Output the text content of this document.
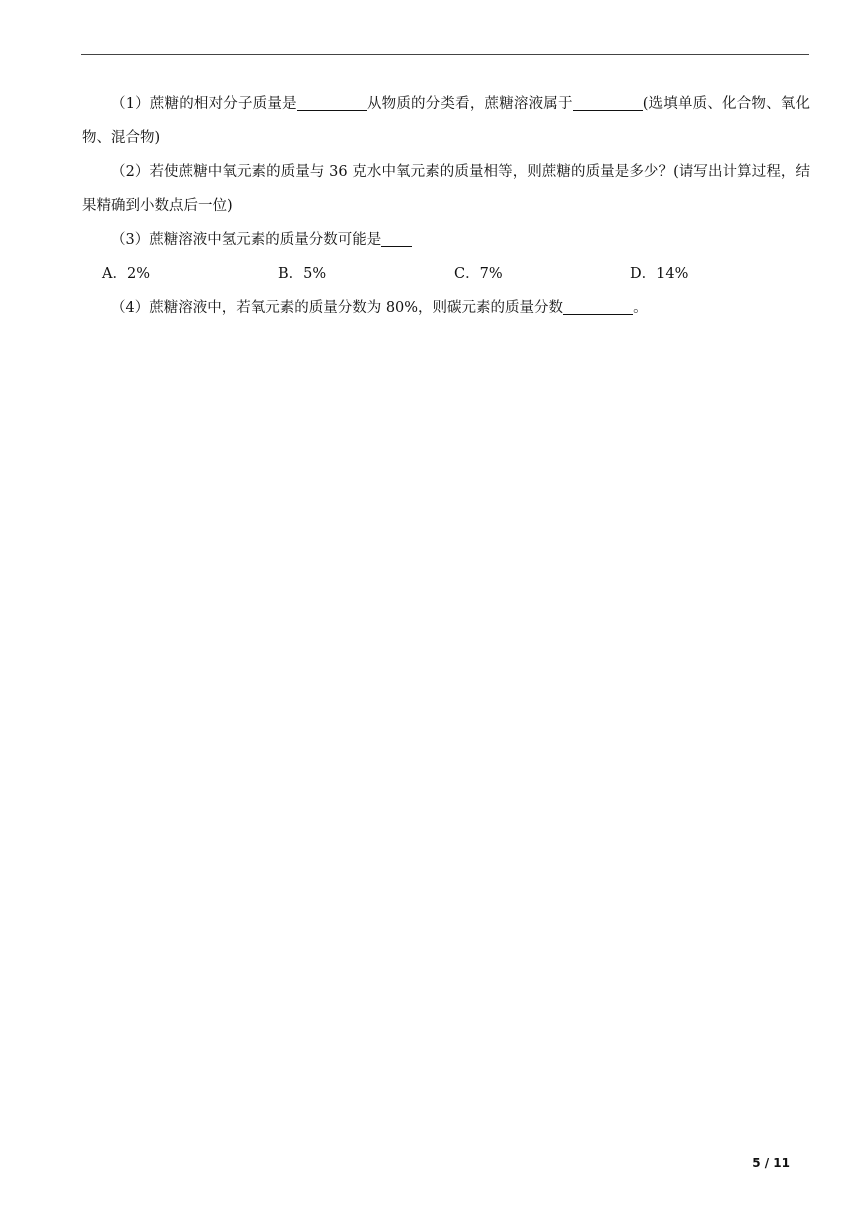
（1）蔗糖的相对分子质量是	从物质的分类看，蔗糖溶液属于	(选填单质、化合物、氧化物、混合物)

（2）若使蔗糖中氧元素的质量与 36 克水中氧元素的质量相等，则蔗糖的质量是多少？(请写出计算过程，结果精确到小数点后一位)

（3）蔗糖溶液中氢元素的质量分数可能是

A．2%	B．5%	C．7%	D．14%

（4）蔗糖溶液中，若氧元素的质量分数为 80%，则碳元素的质量分数	。

5 / 11
